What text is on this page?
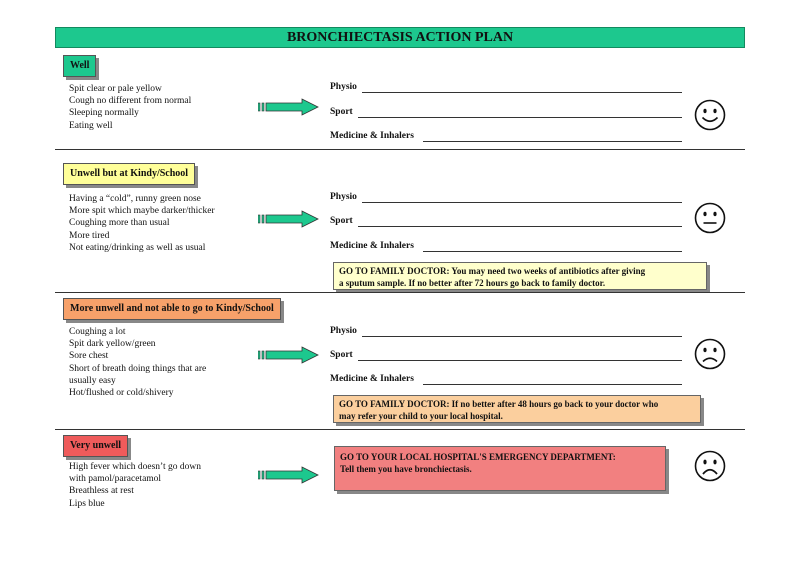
BRONCHIECTASIS ACTION PLAN
Well
Spit clear or pale yellow
Cough no different from normal
Sleeping normally
Eating well
Physio
Sport
Medicine & Inhalers
Unwell but at Kindy/School
Having a “cold”, runny green nose
More spit which maybe darker/thicker
Coughing more than usual
More tired
Not eating/drinking as well as usual
Physio
Sport
Medicine & Inhalers
GO TO FAMILY DOCTOR: You may need two weeks of antibiotics after giving
a sputum sample. If no better after 72 hours go back to family doctor.
More unwell and not able to go to Kindy/School
Coughing a lot
Spit dark yellow/green
Sore chest
Short of breath doing things that are
usually easy
Hot/flushed or cold/shivery
Physio
Sport
Medicine & Inhalers
GO TO FAMILY DOCTOR: If no better after 48 hours go back to your doctor who
may refer your child to your local hospital.
Very unwell
High fever which doesn’t go down
with pamol/paracetamol
Breathless at rest
Lips blue
GO TO YOUR LOCAL HOSPITAL'S EMERGENCY DEPARTMENT:
Tell them you have bronchiectasis.
